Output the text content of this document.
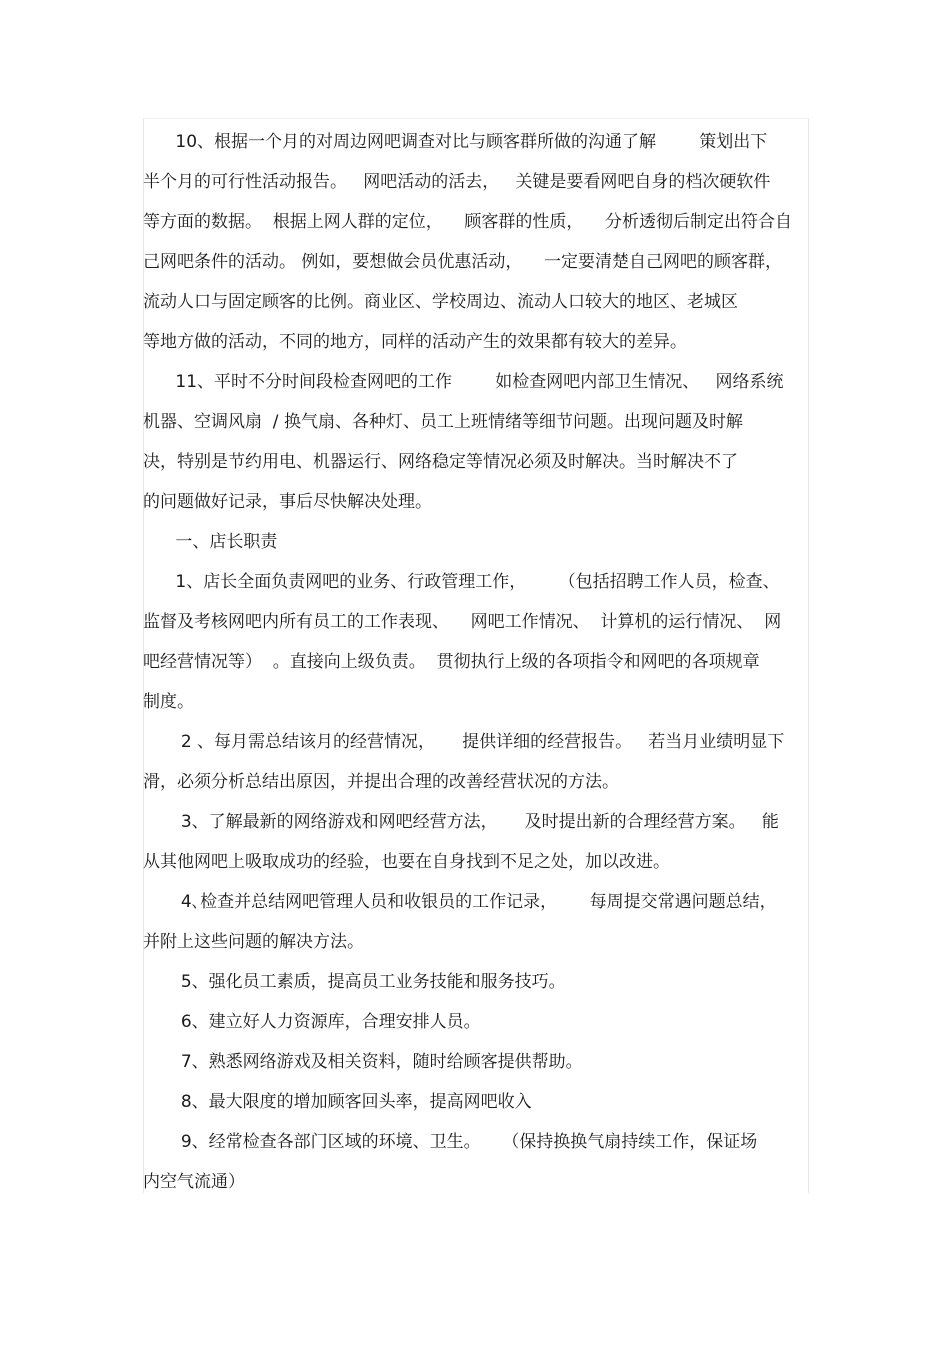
10、根据一个月的对周边网吧调查对比与顾客群所做的沟通了解        策划出下
半个月的可行性活动报告。   网吧活动的活去，   关键是要看网吧自身的档次硬软件
等方面的数据。  根据上网人群的定位，    顾客群的性质，    分析透彻后制定出符合自
己网吧条件的活动。 例如，要想做会员优惠活动，    一定要清楚自己网吧的顾客群，
流动人口与固定顾客的比例。商业区、学校周边、流动人口较大的地区、老城区
等地方做的活动，不同的地方，同样的活动产生的效果都有较大的差异。
11、平时不分时间段检查网吧的工作        如检查网吧内部卫生情况、   网络系统
机器、空调风扇  / 换气扇、各种灯、员工上班情绪等细节问题。出现问题及时解
决，特别是节约用电、机器运行、网络稳定等情况必须及时解决。当时解决不了
的问题做好记录，事后尽快解决处理。
一、店长职责
1、店长全面负责网吧的业务、行政管理工作，      （包括招聘工作人员，检查、
监督及考核网吧内所有员工的工作表现、    网吧工作情况、  计算机的运行情况、  网
吧经营情况等）  。直接向上级负责。  贯彻执行上级的各项指令和网吧的各项规章
制度。
2 、每月需总结该月的经营情况，     提供详细的经营报告。   若当月业绩明显下
滑，必须分析总结出原因，并提出合理的改善经营状况的方法。
3、了解最新的网络游戏和网吧经营方法，     及时提出新的合理经营方案。   能
从其他网吧上吸取成功的经验，也要在自身找到不足之处，加以改进。
4､检查并总结网吧管理人员和收银员的工作记录，      每周提交常遇问题总结，
并附上这些问题的解决方法。
5、强化员工素质，提高员工业务技能和服务技巧。
6、建立好人力资源库，合理安排人员。
7、熟悉网络游戏及相关资料，随时给顾客提供帮助。
8、最大限度的增加顾客回头率，提高网吧收入
9、经常检查各部门区域的环境、卫生。    （保持换换气扇持续工作，保证场
内空气流通）
